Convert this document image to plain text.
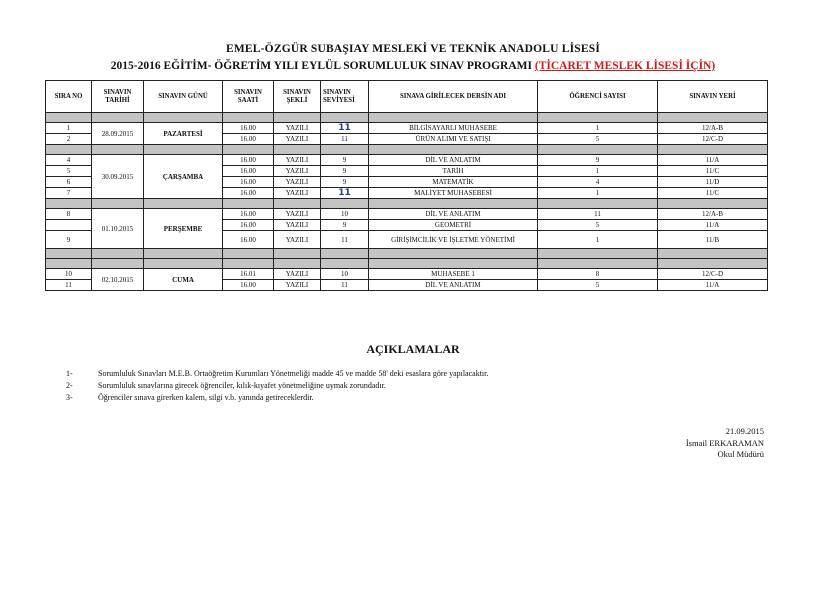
EMEL-ÖZGÜR SUBAŞIAY MESLEKİ VE TEKNİK ANADOLU LİSESİ
2015-2016 EĞİTİM- ÖĞRETİM YILI EYLÜL SORUMLULUK SINAV PROGRAMI (TİCARET MESLEK LİSESİ İÇİN)
SIRA NO	SINAVIN TARİHİ	SINAVIN GÜNÜ	SINAVIN SAATİ	SINAVIN ŞEKLİ	SINAVIN SEVİYESİ	SINAVA GİRİLECEK DERSİN ADI	ÖĞRENCİ SAYISI	SINAVIN YERİ

1	28.09.2015	PAZARTESİ	16.00	YAZILI	11	BİLGİSAYARLI MUHASEBE	1	12/A-B
2			16.00	YAZILI	11	ÜRÜN ALIMI VE SATIŞI	5	12/C-D

4	30.09.2015	ÇARŞAMBA	16.00	YAZILI	9	DİL VE ANLATIM	9	11/A
5			16.00	YAZILI	9	TARİH	1	11/C
6			16.00	YAZILI	9	MATEMATİK	4	11/D
7			16.00	YAZILI	11	MALİYET MUHASEBESİ	1	11/C

8	01.10.2015	PERŞEMBE	16.00	YAZILI	10	DİL VE ANLATIM	11	12/A-B
			16.00	YAZILI	9	GEOMETRİ	5	11/A
9			16.00	YAZILI	11	GİRİŞİMCİLİK VE İŞLETME YÖNETİMİ	1	11/B

10	02.10.2015	CUMA	16.01	YAZILI	10	MUHASEBE 1	8	12/C-D
11			16.00	YAZILI	11	DİL VE ANLATIM	5	11/A
AÇIKLAMALAR
1-	Sorumluluk Sınavları M.E.B. Ortaöğretim Kurumları Yönetmeliği madde 45 ve madde 58' deki esaslara göre yapılacaktır.
2-	Sorumluluk sınavlarına girecek öğrenciler, kılık-kıyafet yönetmeliğine uymak zorundadır.
3-	Öğrenciler sınava girerken kalem, silgi v.b. yanında getireceklerdir.
21.09.2015
İsmail ERKARAMAN
Okul Müdürü
